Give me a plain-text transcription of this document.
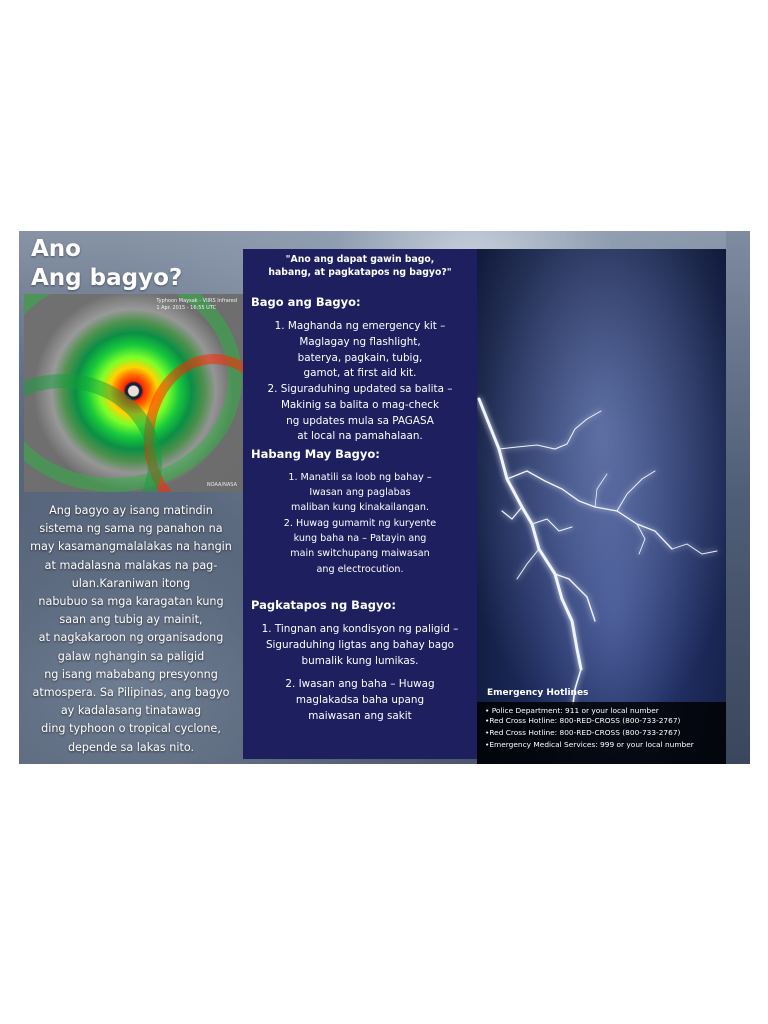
Ano
Ang bagyo?
Typhoon Maysak - VIIRS Infrared
1 Apr. 2015 - 16:55 UTC
NOAA/NASA
Ang bagyo ay isang matindin
sistema ng sama ng panahon na
may kasamangmalalakas na hangin
at madalasna malakas na pag-
ulan.Karaniwan itong
nabubuo sa mga karagatan kung
saan ang tubig ay mainit,
at nagkakaroon ng organisadong
galaw nghangin sa paligid
ng isang mababang presyonng
atmospera. Sa Pilipinas, ang bagyo
ay kadalasang tinatawag
ding typhoon o tropical cyclone,
depende sa lakas nito.
"Ano ang dapat gawin bago,
habang, at pagkatapos ng bagyo?"
Bago ang Bagyo:
1. Maghanda ng emergency kit –
Maglagay ng flashlight,
baterya, pagkain, tubig,
gamot, at first aid kit.
2. Siguraduhing updated sa balita –
Makinig sa balita o mag-check
ng updates mula sa PAGASA
at local na pamahalaan.
Habang May Bagyo:
1. Manatili sa loob ng bahay –
Iwasan ang paglabas
maliban kung kinakailangan.
2. Huwag gumamit ng kuryente
kung baha na – Patayin ang
main switchupang maiwasan
ang electrocution.
Pagkatapos ng Bagyo:
1. Tingnan ang kondisyon ng paligid –
Siguraduhing ligtas ang bahay bago
bumalik kung lumikas.
2. Iwasan ang baha – Huwag
maglakadsa baha upang
maiwasan ang sakit
Emergency Hotlines
• Police Department: 911 or your local number
•Red Cross Hotline: 800-RED-CROSS (800-733-2767)
•Red Cross Hotline: 800-RED-CROSS (800-733-2767)
•Emergency Medical Services: 999 or your local number
